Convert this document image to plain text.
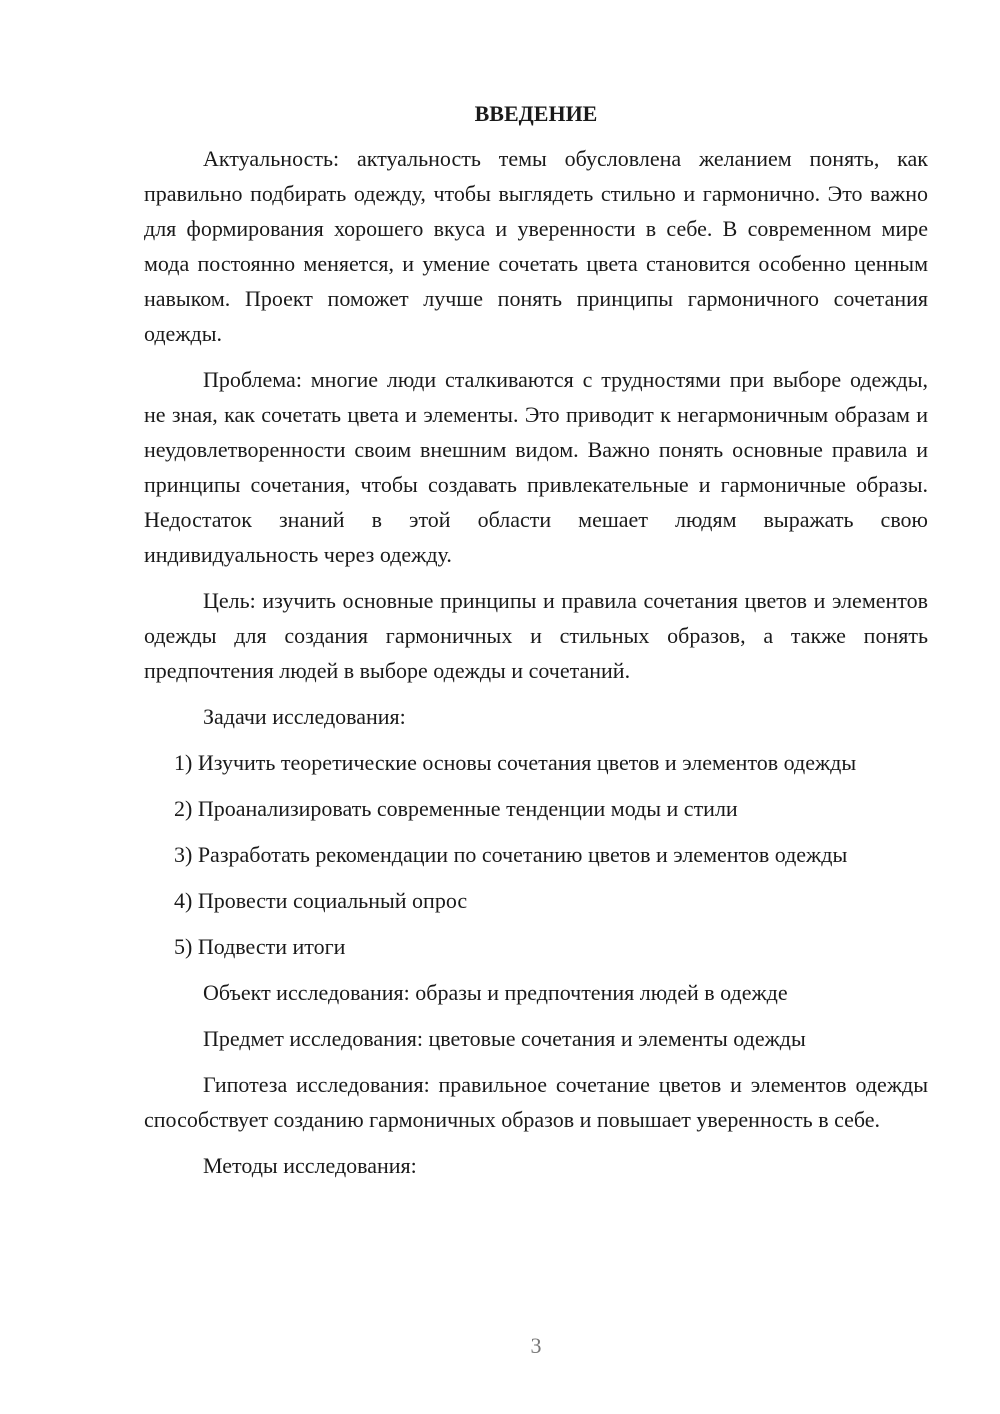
ВВЕДЕНИЕ

Актуальность: актуальность темы обусловлена желанием понять, как правильно подбирать одежду, чтобы выглядеть стильно и гармонично. Это важно для формирования хорошего вкуса и уверенности в себе. В современном мире мода постоянно меняется, и умение сочетать цвета становится особенно ценным навыком. Проект поможет лучше понять принципы гармоничного сочетания одежды.

Проблема: многие люди сталкиваются с трудностями при выборе одежды, не зная, как сочетать цвета и элементы. Это приводит к негармоничным образам и неудовлетворенности своим внешним видом. Важно понять основные правила и принципы сочетания, чтобы создавать привлекательные и гармоничные образы. Недостаток знаний в этой области мешает людям выражать свою индивидуальность через одежду.

Цель: изучить основные принципы и правила сочетания цветов и элементов одежды для создания гармоничных и стильных образов, а также понять предпочтения людей в выборе одежды и сочетаний.

Задачи исследования:

1) Изучить теоретические основы сочетания цветов и элементов одежды

2) Проанализировать современные тенденции моды и стили

3) Разработать рекомендации по сочетанию цветов и элементов одежды

4) Провести социальный опрос

5) Подвести итоги

Объект исследования: образы и предпочтения людей в одежде

Предмет исследования: цветовые сочетания и элементы одежды

Гипотеза исследования: правильное сочетание цветов и элементов одежды способствует созданию гармоничных образов и повышает уверенность в себе.

Методы исследования:

3
